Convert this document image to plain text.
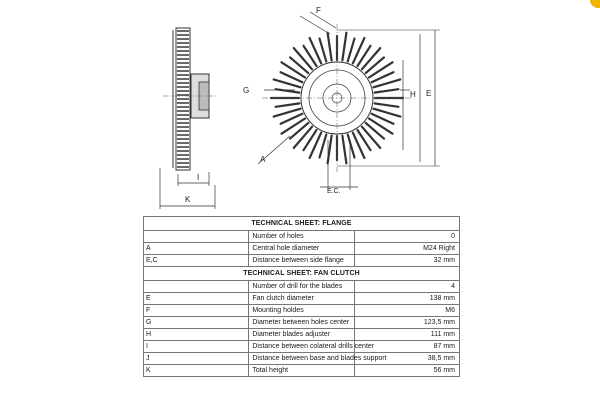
I
K
F
G	H E
A
E.C.
TECHNICAL SHEET: FLANGE		
	Number of holes	0
A	Central hole diameter	M24 Right
E,C	Distance between side flange	32 mm
TECHNICAL SHEET: FAN CLUTCH		
	Number of drill for the blades	4
E	Fan clutch diameter	138 mm
F	Mounting holdes	M6
G	Diameter between holes center	123,5 mm
H	Diameter blades adjuster	111 mm
I	Distance between colateral drills center	87 mm
J	Distance between base and blades support	38,5 mm
K	Total height	56 mm
